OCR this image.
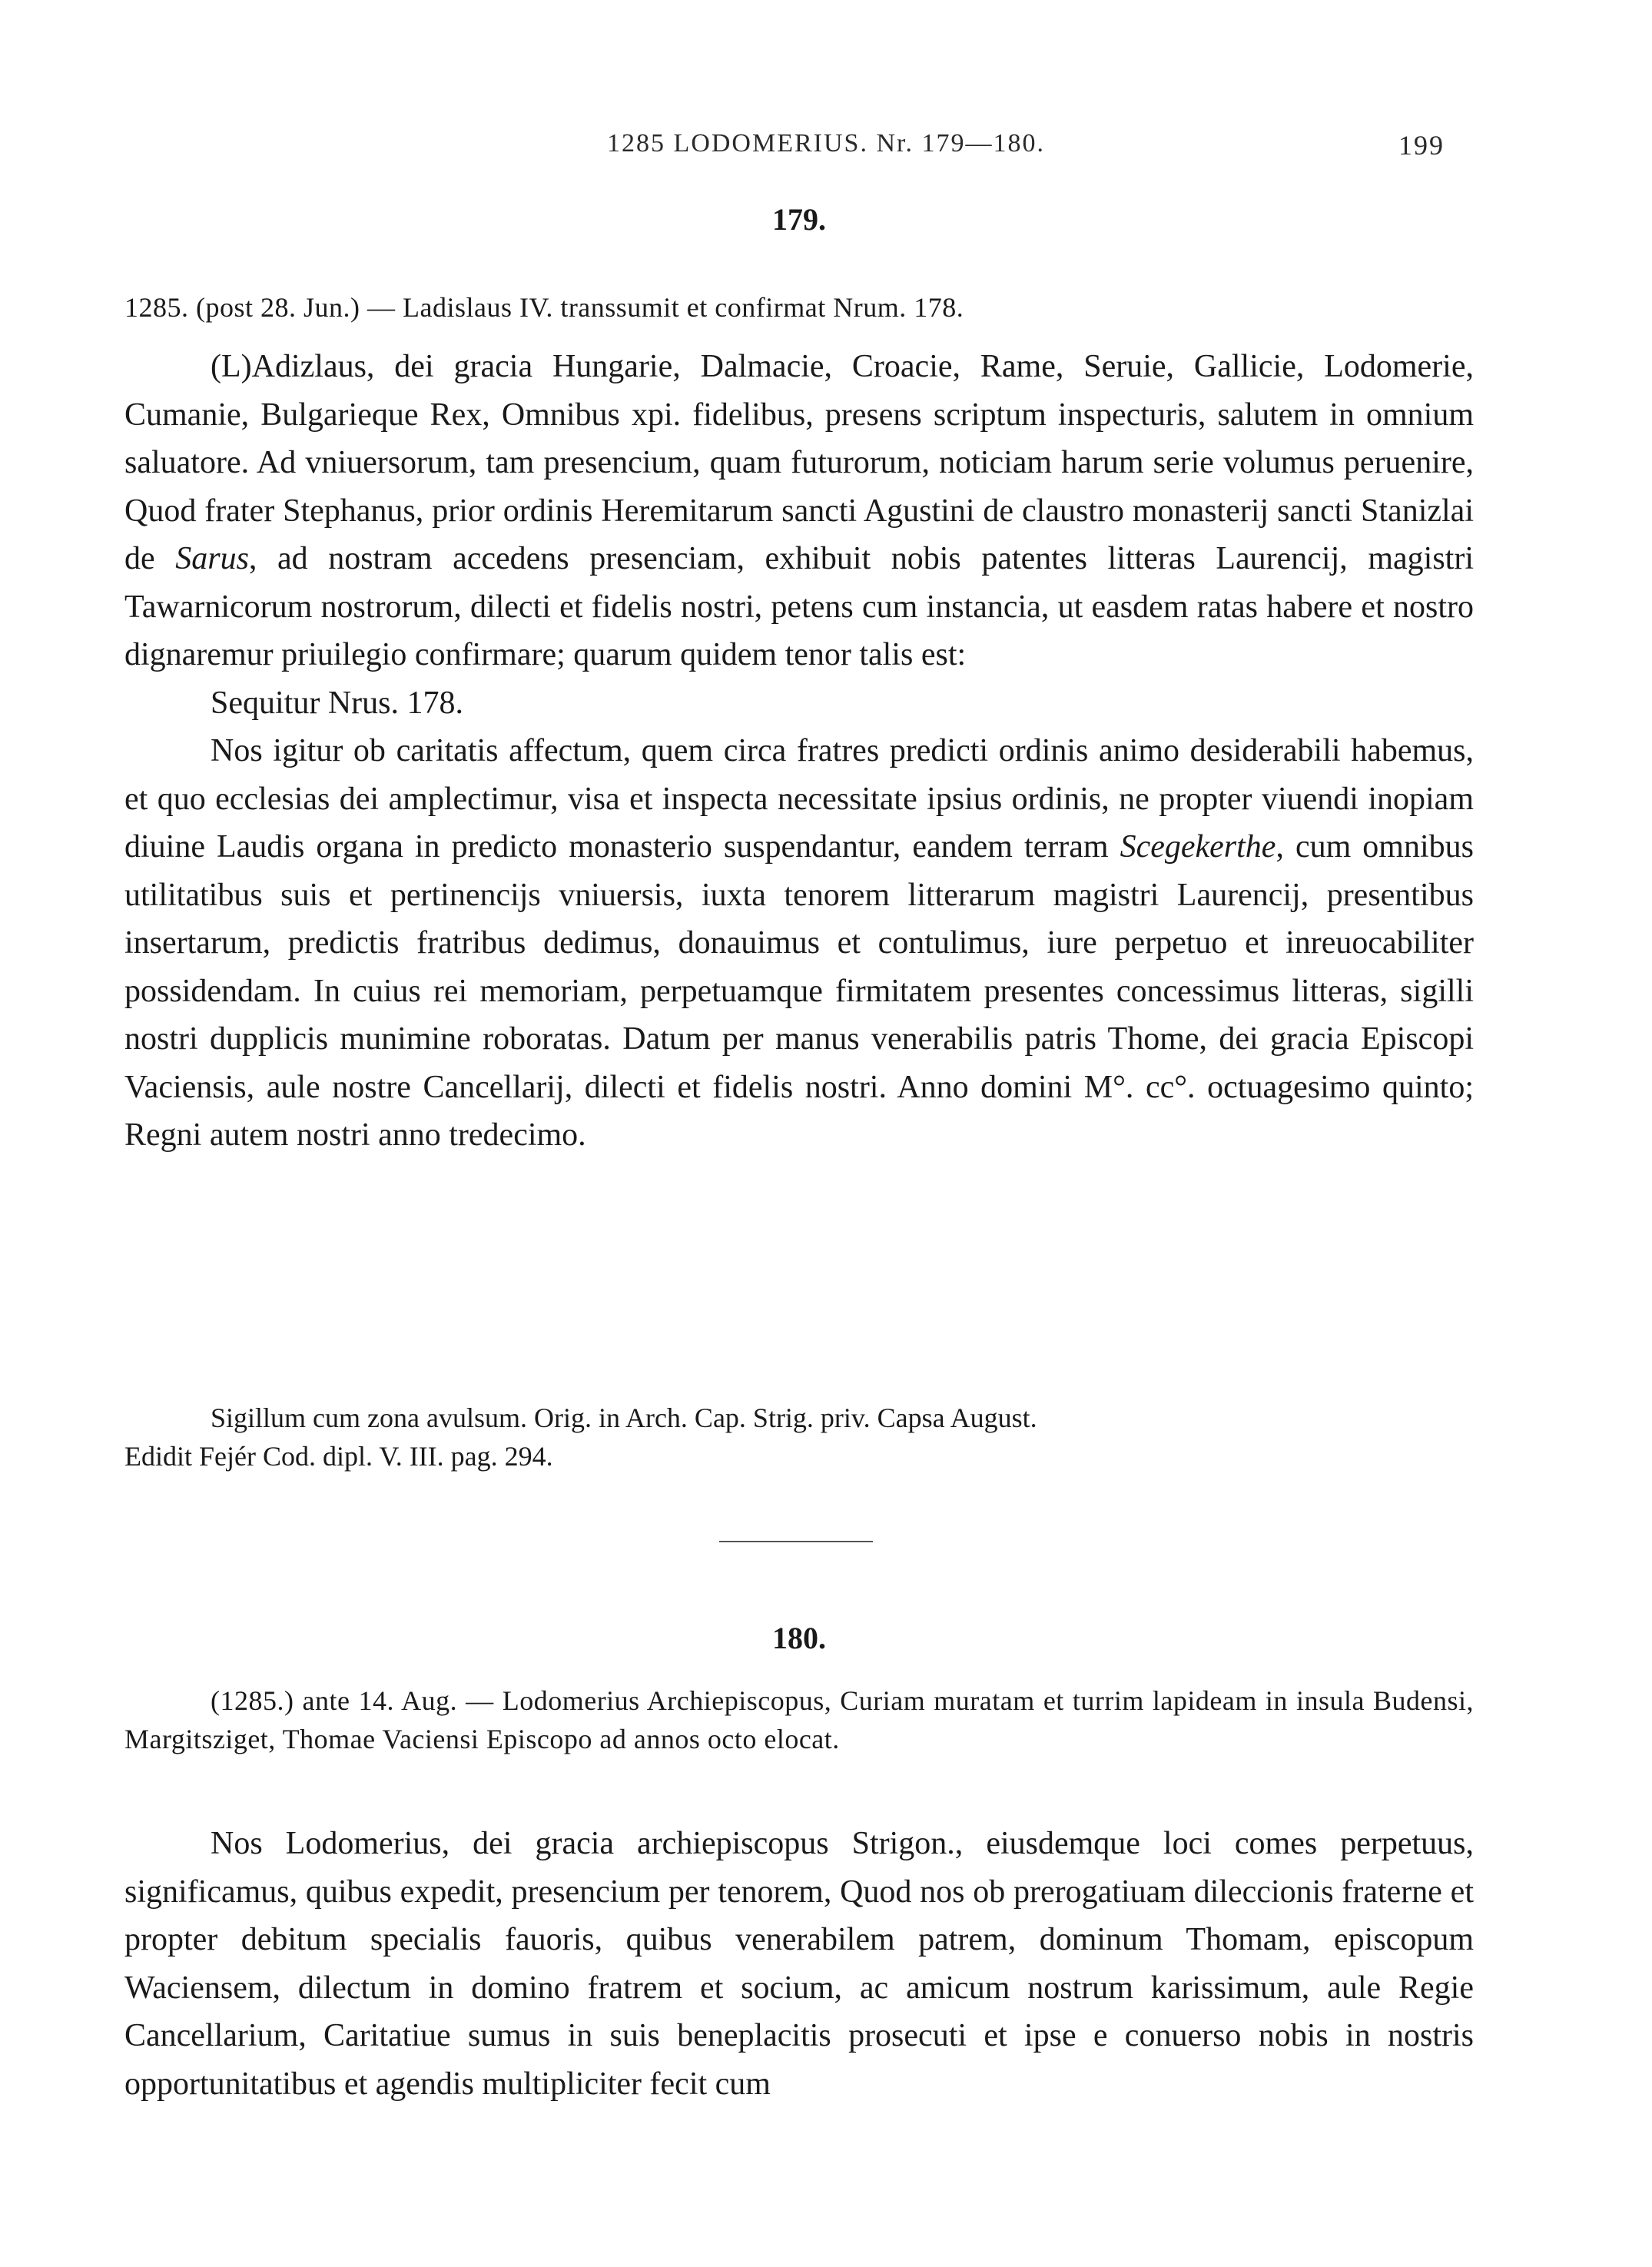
1285 LODOMERIUS. Nr. 179—180.	199
179.
1285. (post 28. Jun.) — Ladislaus IV. transsumit et confirmat Nrum. 178.

(L)Adizlaus, dei gracia Hungarie, Dalmacie, Croacie, Rame, Seruie, Gallicie, Lodomerie, Cumanie, Bulgarieque Rex, Omnibus xpi. fidelibus, presens scriptum inspecturis, salutem in omnium saluatore. Ad vniuersorum, tam presencium, quam futurorum, noticiam harum serie volumus peruenire, Quod frater Stephanus, prior ordinis Heremitarum sancti Agustini de claustro monasterij sancti Stanizlai de Sarus, ad nostram accedens presenciam, exhibuit nobis patentes litteras Laurencij, magistri Tawarnicorum nostrorum, dilecti et fidelis nostri, petens cum instancia, ut easdem ratas habere et nostro dignaremur priuilegio confirmare; quarum quidem tenor talis est:

Sequitur Nrus. 178.

Nos igitur ob caritatis affectum, quem circa fratres predicti ordinis animo desiderabili habemus, et quo ecclesias dei amplectimur, visa et inspecta necessitate ipsius ordinis, ne propter viuendi inopiam diuine Laudis organa in predicto monasterio suspendantur, eandem terram Scegekerthe, cum omnibus utilitatibus suis et pertinencijs vniuersis, iuxta tenorem litterarum magistri Laurencij, presentibus insertarum, predictis fratribus dedimus, donauimus et contulimus, iure perpetuo et inreuocabiliter possidendam. In cuius rei memoriam, perpetuamque firmitatem presentes concessimus litteras, sigilli nostri dupplicis munimine roboratas. Datum per manus venerabilis patris Thome, dei gracia Episcopi Vaciensis, aule nostre Cancellarij, dilecti et fidelis nostri. Anno domini M°. cc°. octuagesimo quinto; Regni autem nostri anno tredecimo.

Sigillum cum zona avulsum. Orig. in Arch. Cap. Strig. priv. Capsa August.
Edidit Fejér Cod. dipl. V. III. pag. 294.
180.
(1285.) ante 14. Aug. — Lodomerius Archiepiscopus, Curiam muratam et turrim lapideam in insula Budensi, Margitsziget, Thomae Vaciensi Episcopo ad annos octo elocat.

Nos Lodomerius, dei gracia archiepiscopus Strigon., eiusdemque loci comes perpetuus, significamus, quibus expedit, presencium per tenorem, Quod nos ob prerogatiuam dileccionis fraterne et propter debitum specialis fauoris, quibus venerabilem patrem, dominum Thomam, episcopum Waciensem, dilectum in domino fratrem et socium, ac amicum nostrum karissimum, aule Regie Cancellarium, Caritatiue sumus in suis beneplacitis prosecuti et ipse e conuerso nobis in nostris opportunitatibus et agendis multipliciter fecit cum
